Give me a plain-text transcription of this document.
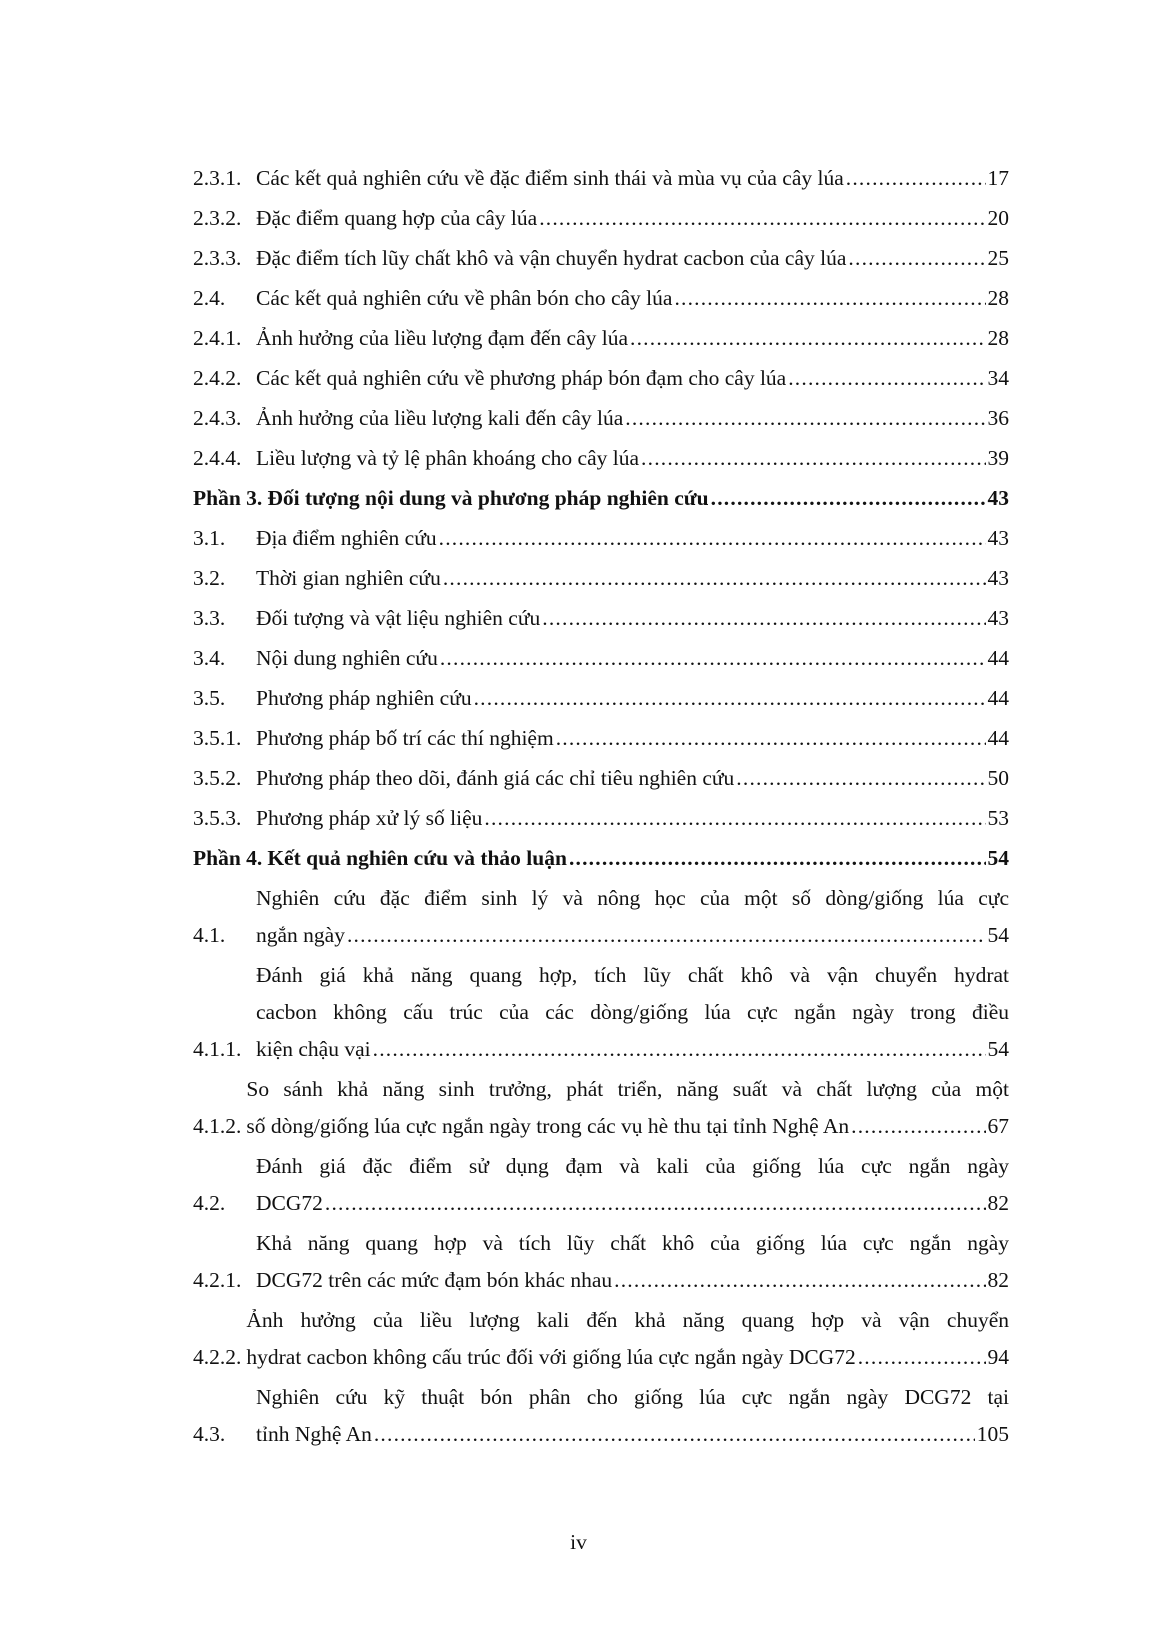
2.3.1. Các kết quả nghiên cứu về đặc điểm sinh thái và mùa vụ của cây lúa .....	17
2.3.2. Đặc điểm quang hợp của cây lúa .....	20
2.3.3. Đặc điểm tích lũy chất khô và vận chuyển hydrat cacbon của cây lúa .....	25
2.4.	Các kết quả nghiên cứu về phân bón cho cây lúa .....	28
2.4.1. Ảnh hưởng của liều lượng đạm đến cây lúa .....	28
2.4.2. Các kết quả nghiên cứu về phương pháp bón đạm cho cây lúa .....	34
2.4.3. Ảnh hưởng của liều lượng kali đến cây lúa .....	36
2.4.4. Liều lượng và tỷ lệ phân khoáng cho cây lúa .....	39
Phần 3. Đối tượng nội dung và phương pháp nghiên cứu .....	43
3.1.	Địa điểm nghiên cứu .....	43
3.2.	Thời gian nghiên cứu .....	43
3.3.	Đối tượng và vật liệu nghiên cứu .....	43
3.4.	Nội dung nghiên cứu .....	44
3.5.	Phương pháp nghiên cứu .....	44
3.5.1. Phương pháp bố trí các thí nghiệm .....	44
3.5.2. Phương pháp theo dõi, đánh giá các chỉ tiêu nghiên cứu .....	50
3.5.3. Phương pháp xử lý số liệu .....	53
Phần 4. Kết quả nghiên cứu và thảo luận .....	54
4.1.
Nghiên cứu đặc điểm sinh lý và nông học của một số dòng/giống lúa cực
ngắn ngày .....	54
4.1.1.
Đánh giá khả năng quang hợp, tích lũy chất khô và vận chuyển hydrat
cacbon không cấu trúc của các dòng/giống lúa cực ngắn ngày trong điều
kiện chậu vại .....	54
4.1.2.
So sánh khả năng sinh trưởng, phát triển, năng suất và chất lượng của một
số dòng/giống lúa cực ngắn ngày trong các vụ hè thu tại tỉnh Nghệ An .....	67
4.2.
Đánh giá đặc điểm sử dụng đạm và kali của giống lúa cực ngắn ngày
DCG72 .....	82
4.2.1.
Khả năng quang hợp và tích lũy chất khô của giống lúa cực ngắn ngày
DCG72 trên các mức đạm bón khác nhau .....	82
4.2.2.
Ảnh hưởng của liều lượng kali đến khả năng quang hợp và vận chuyển
hydrat cacbon không cấu trúc đối với giống lúa cực ngắn ngày DCG72 .....	94
4.3.
Nghiên cứu kỹ thuật bón phân cho giống lúa cực ngắn ngày DCG72 tại
tỉnh Nghệ An .....	105
iv
